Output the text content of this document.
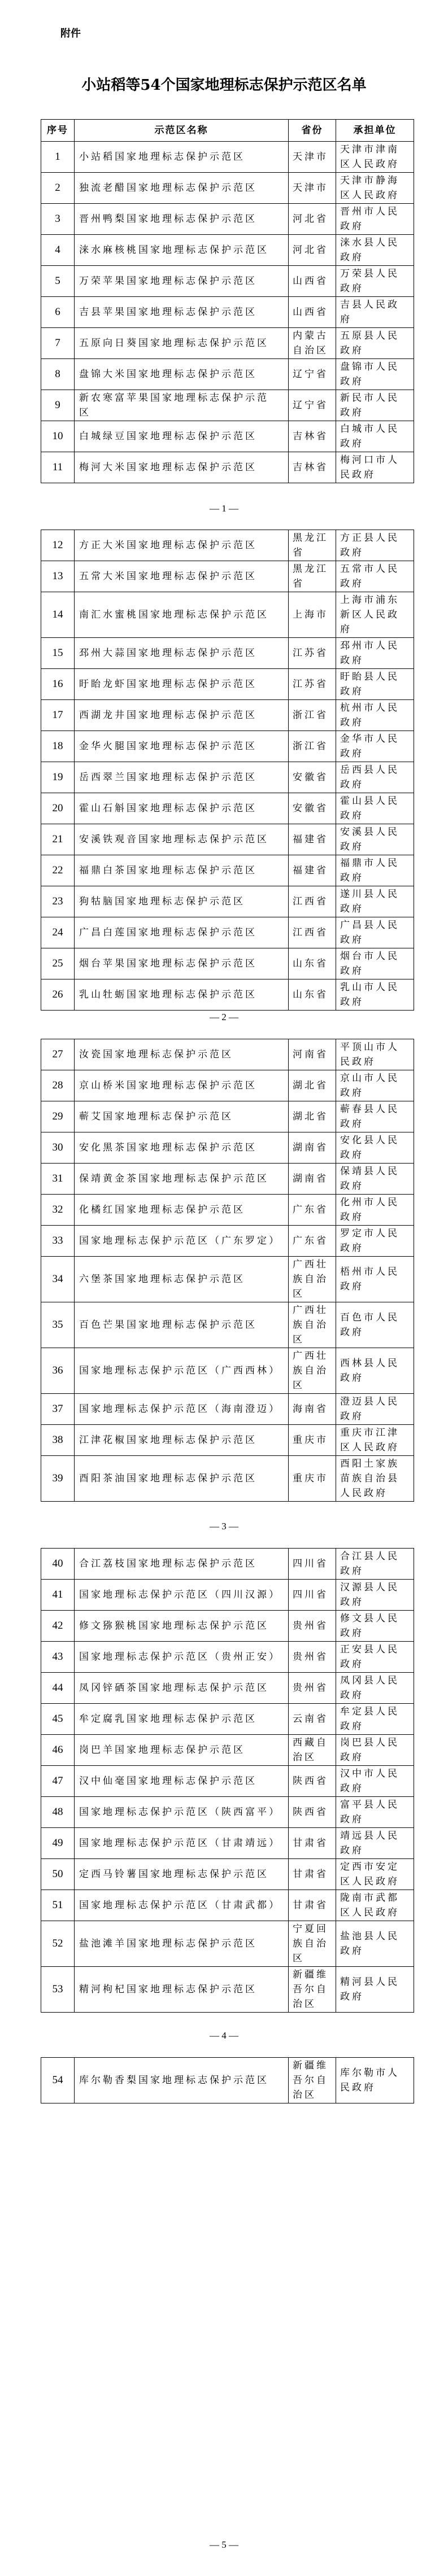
附件
小站稻等54个国家地理标志保护示范区名单
序号	示范区名称	省份	承担单位
1	小站稻国家地理标志保护示范区	天津市	天津市津南区人民政府
2	独流老醋国家地理标志保护示范区	天津市	天津市静海区人民政府
3	晋州鸭梨国家地理标志保护示范区	河北省	晋州市人民政府
4	涞水麻核桃国家地理标志保护示范区	河北省	涞水县人民政府
5	万荣苹果国家地理标志保护示范区	山西省	万荣县人民政府
6	吉县苹果国家地理标志保护示范区	山西省	吉县人民政府
7	五原向日葵国家地理标志保护示范区	内蒙古自治区	五原县人民政府
8	盘锦大米国家地理标志保护示范区	辽宁省	盘锦市人民政府
9	新农寒富苹果国家地理标志保护示范区	辽宁省	新民市人民政府
10	白城绿豆国家地理标志保护示范区	吉林省	白城市人民政府
11	梅河大米国家地理标志保护示范区	吉林省	梅河口市人民政府
— 1 —
12	方正大米国家地理标志保护示范区	黑龙江省	方正县人民政府
13	五常大米国家地理标志保护示范区	黑龙江省	五常市人民政府
14	南汇水蜜桃国家地理标志保护示范区	上海市	上海市浦东新区人民政府
15	邳州大蒜国家地理标志保护示范区	江苏省	邳州市人民政府
16	盱眙龙虾国家地理标志保护示范区	江苏省	盱眙县人民政府
17	西湖龙井国家地理标志保护示范区	浙江省	杭州市人民政府
18	金华火腿国家地理标志保护示范区	浙江省	金华市人民政府
19	岳西翠兰国家地理标志保护示范区	安徽省	岳西县人民政府
20	霍山石斛国家地理标志保护示范区	安徽省	霍山县人民政府
21	安溪铁观音国家地理标志保护示范区	福建省	安溪县人民政府
22	福鼎白茶国家地理标志保护示范区	福建省	福鼎市人民政府
23	狗牯脑国家地理标志保护示范区	江西省	遂川县人民政府
24	广昌白莲国家地理标志保护示范区	江西省	广昌县人民政府
25	烟台苹果国家地理标志保护示范区	山东省	烟台市人民政府
26	乳山牡蛎国家地理标志保护示范区	山东省	乳山市人民政府
— 2 —
27	汝瓷国家地理标志保护示范区	河南省	平顶山市人民政府
28	京山桥米国家地理标志保护示范区	湖北省	京山市人民政府
29	蕲艾国家地理标志保护示范区	湖北省	蕲春县人民政府
30	安化黑茶国家地理标志保护示范区	湖南省	安化县人民政府
31	保靖黄金茶国家地理标志保护示范区	湖南省	保靖县人民政府
32	化橘红国家地理标志保护示范区	广东省	化州市人民政府
33	国家地理标志保护示范区（广东罗定）	广东省	罗定市人民政府
34	六堡茶国家地理标志保护示范区	广西壮族自治区	梧州市人民政府
35	百色芒果国家地理标志保护示范区	广西壮族自治区	百色市人民政府
36	国家地理标志保护示范区（广西西林）	广西壮族自治区	西林县人民政府
37	国家地理标志保护示范区（海南澄迈）	海南省	澄迈县人民政府
38	江津花椒国家地理标志保护示范区	重庆市	重庆市江津区人民政府
39	酉阳茶油国家地理标志保护示范区	重庆市	酉阳土家族苗族自治县人民政府
— 3 —
40	合江荔枝国家地理标志保护示范区	四川省	合江县人民政府
41	国家地理标志保护示范区（四川汉源）	四川省	汉源县人民政府
42	修文猕猴桃国家地理标志保护示范区	贵州省	修文县人民政府
43	国家地理标志保护示范区（贵州正安）	贵州省	正安县人民政府
44	凤冈锌硒茶国家地理标志保护示范区	贵州省	凤冈县人民政府
45	牟定腐乳国家地理标志保护示范区	云南省	牟定县人民政府
46	岗巴羊国家地理标志保护示范区	西藏自治区	岗巴县人民政府
47	汉中仙毫国家地理标志保护示范区	陕西省	汉中市人民政府
48	国家地理标志保护示范区（陕西富平）	陕西省	富平县人民政府
49	国家地理标志保护示范区（甘肃靖远）	甘肃省	靖远县人民政府
50	定西马铃薯国家地理标志保护示范区	甘肃省	定西市安定区人民政府
51	国家地理标志保护示范区（甘肃武都）	甘肃省	陇南市武都区人民政府
52	盐池滩羊国家地理标志保护示范区	宁夏回族自治区	盐池县人民政府
53	精河枸杞国家地理标志保护示范区	新疆维吾尔自治区	精河县人民政府
— 4 —
54	库尔勒香梨国家地理标志保护示范区	新疆维吾尔自治区	库尔勒市人民政府
— 5 —
